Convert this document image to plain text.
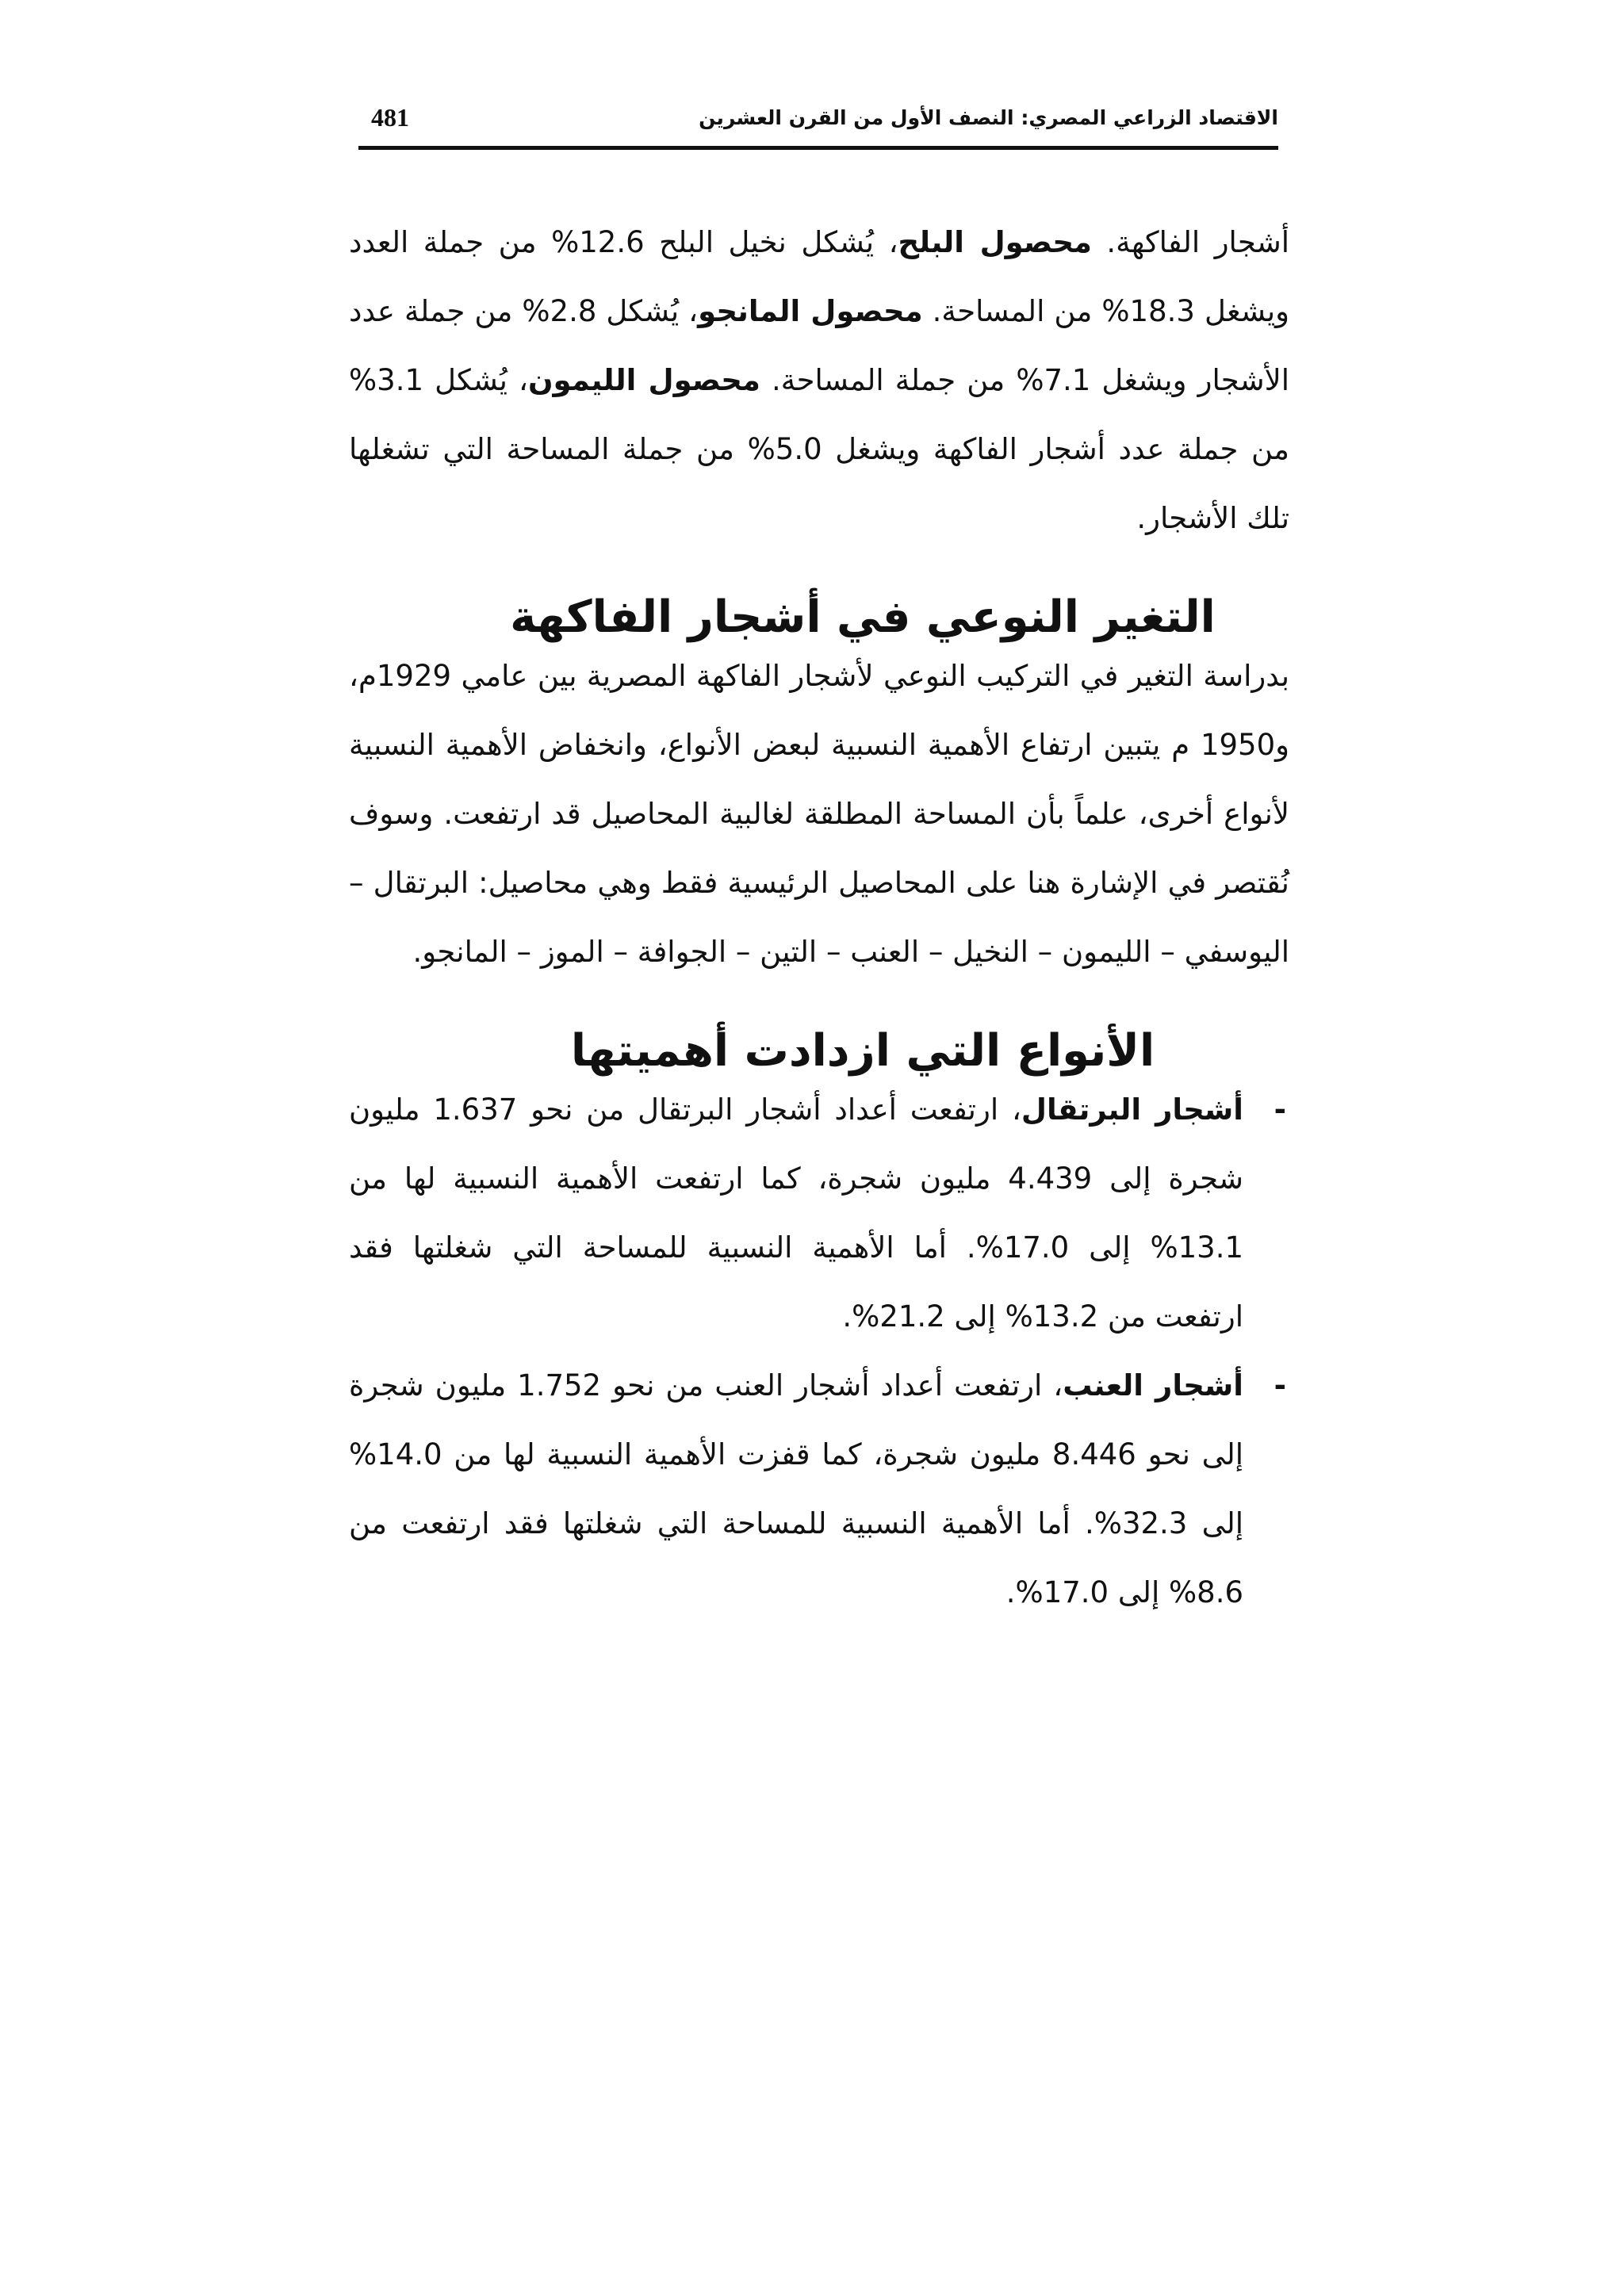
الاقتصاد الزراعي المصري: النصف الأول من القرن العشرين
481

أشجار الفاكهة. محصول البلح، يُشكل نخيل البلح 12.6% من جملة العدد ويشغل 18.3% من المساحة. محصول المانجو، يُشكل 2.8% من جملة عدد الأشجار ويشغل 7.1% من جملة المساحة. محصول الليمون، يُشكل 3.1% من جملة عدد أشجار الفاكهة ويشغل 5.0% من جملة المساحة التي تشغلها تلك الأشجار.

التغير النوعي في أشجار الفاكهة

بدراسة التغير في التركيب النوعي لأشجار الفاكهة المصرية بين عامي 1929م، و1950 م يتبين ارتفاع الأهمية النسبية لبعض الأنواع، وانخفاض الأهمية النسبية لأنواع أخرى، علماً بأن المساحة المطلقة لغالبية المحاصيل قد ارتفعت. وسوف نُقتصر في الإشارة هنا على المحاصيل الرئيسية فقط وهي محاصيل: البرتقال – اليوسفي – الليمون – النخيل – العنب – التين – الجوافة – الموز – المانجو.

الأنواع التي ازدادت أهميتها
-
أشجار البرتقال، ارتفعت أعداد أشجار البرتقال من نحو 1.637 مليون شجرة إلى 4.439 مليون شجرة، كما ارتفعت الأهمية النسبية لها من 13.1% إلى 17.0%. أما الأهمية النسبية للمساحة التي شغلتها فقد ارتفعت من 13.2% إلى 21.2%.
-
أشجار العنب، ارتفعت أعداد أشجار العنب من نحو 1.752 مليون شجرة إلى نحو 8.446 مليون شجرة، كما قفزت الأهمية النسبية لها من 14.0% إلى 32.3%. أما الأهمية النسبية للمساحة التي شغلتها فقد ارتفعت من 8.6% إلى 17.0%.
